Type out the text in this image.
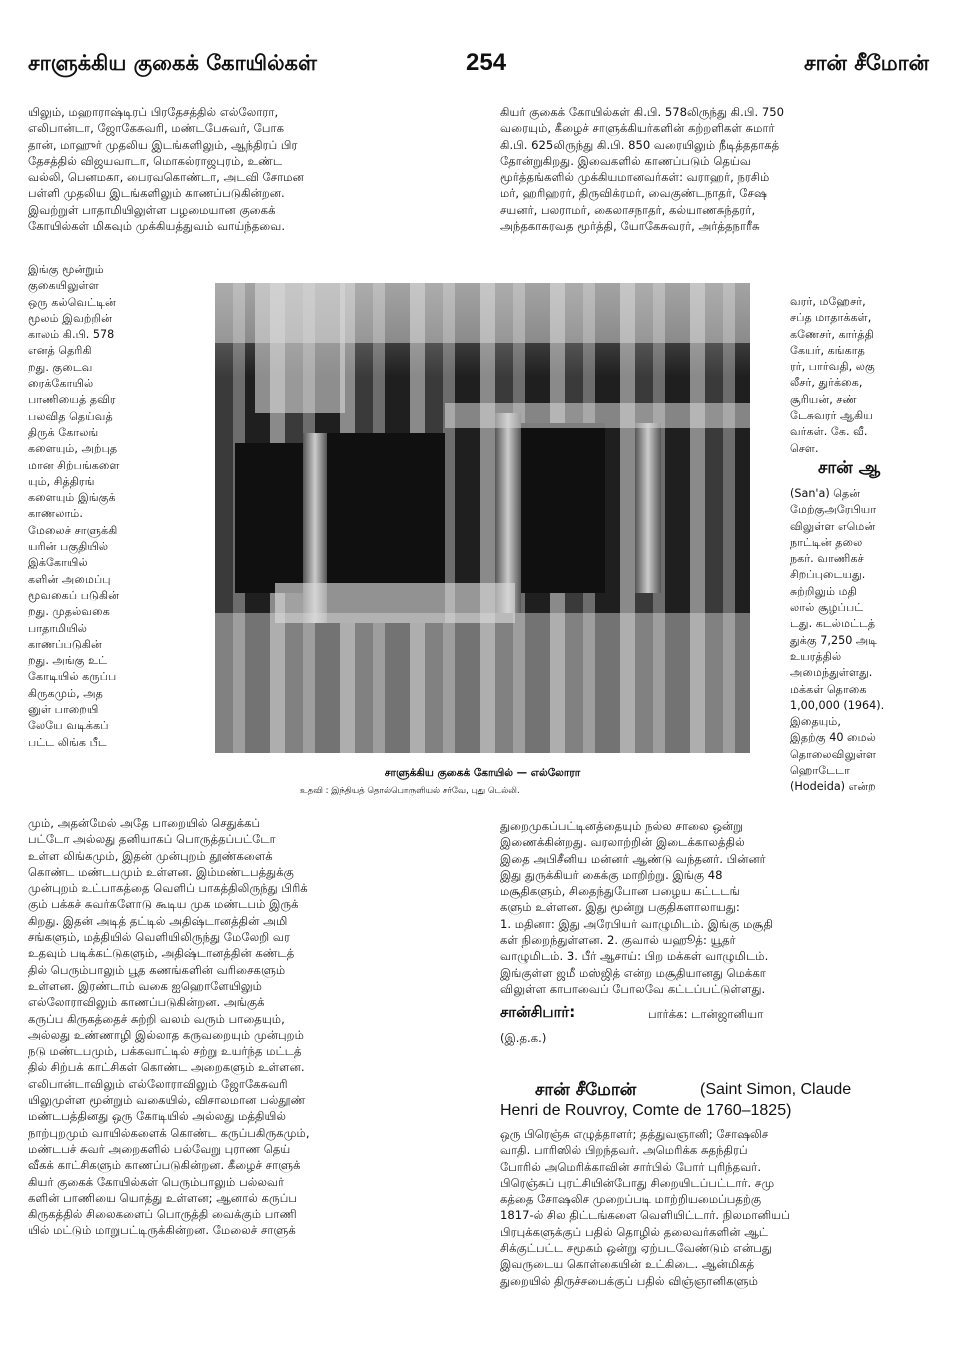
சாளுக்கிய குகைக் கோயில்கள்	254	சான் சீமோன்
யிலும், மஹாராஷ்டிரப் பிரதேசத்தில் எல்லோரா,
எலிபான்டா, ஜோகேசுவரி, மண்டபேசுவர், போக
தான், மாஹுர் முதலிய இடங்களிலும், ஆந்திரப் பிர
தேசத்தில் விஜயவாடா, மொகல்ராஜபுரம், உண்ட
வல்லி, பெனமகா, பைரவகொண்டா, அடவி சோமன
பள்ளி முதலிய இடங்களிலும் காணப்படுகின்றன.
இவற்றுள் பாதாமியிலுள்ள பழமையான குகைக்
கோயில்கள் மிகவும் முக்கியத்துவம் வாய்ந்தவை.
இங்கு மூன்றும்
குகையிலுள்ள
ஒரு கல்வெட்டின்
மூலம் இவற்றின்
காலம் கி.பி. 578
எனத் தெரிகி
றது. குடைவ
ரைக்கோயில்
பாணியைத் தவிர
பலவித தெய்வத்
திருக் கோலங்
களையும், அற்புத
மான சிற்பங்களை
யும், சித்திரங்
களையும் இங்குக்
காணலாம்.
மேலைச் சாளுக்கி
யரின் பகுதியில்
இக்கோயில்
களின் அமைப்பு
மூவகைப் படுகின்
றது. முதல்வகை
பாதாமியில்
காணப்படுகின்
றது. அங்கு உட்
கோடியில் கருப்ப
கிருகமும், அத
னுள் பாறையி
லேயே வடிக்கப்
பட்ட லிங்க பீட
மும், அதன்மேல் அதே பாறையில் செதுக்கப்
பட்டோ அல்லது தனியாகப் பொருத்தப்பட்டோ
உள்ள லிங்கமும், இதன் முன்புறம் தூண்களைக்
கொண்ட மண்டபமும் உள்ளன. இம்மண்டபத்துக்கு
முன்புறம் உட்பாகத்தை வெளிப் பாகத்திலிருந்து பிரிக்
கும் பக்கச் சுவர்களோடு கூடிய முக மண்டபம் இருக்
கிறது. இதன் அடித் தட்டில் அதிஷ்டானத்தின் அமி
சங்களும், மத்தியில் வெளியிலிருந்து மேலேறி வர
உதவும் படிக்கட்டுகளும், அதிஷ்டானத்தின் கண்டத்
தில் பெரும்பாலும் பூத கணங்களின் வரிசைகளும்
உள்ளன. இரண்டாம் வகை ஐஹொளேயிலும்
எல்லோராவிலும் காணப்படுகின்றன. அங்குக்
கருப்ப கிருகத்தைச் சுற்றி வலம் வரும் பாதையும்,
அல்லது உண்ணாழி இல்லாத கருவறையும் முன்புறம்
நடு மண்டபமும், பக்கவாட்டில் சற்று உயர்ந்த மட்டத்
தில் சிற்பக் காட்சிகள் கொண்ட அறைகளும் உள்ளன.
எலிபான்டாவிலும் எல்லோராவிலும் ஜோகேசுவரி
யிலுமுள்ள மூன்றும் வகையில், விசாலமான பல்தூண்
மண்டபத்தினது ஒரு கோடியில் அல்லது மத்தியில்
நாற்புறமும் வாயில்களைக் கொண்ட கருப்பகிருகமும்,
மண்டபச் சுவர் அறைகளில் பல்வேறு புராண தெய்
வீகக் காட்சிகளும் காணப்படுகின்றன. கீழைச் சாளுக்
கியர் குகைக் கோயில்கள் பெரும்பாலும் பல்லவர்
களின் பாணியை யொத்து உள்ளன; ஆனால் கருப்ப
கிருகத்தில் சிலைகளைப் பொருத்தி வைக்கும் பாணி
யில் மட்டும் மாறுபட்டிருக்கின்றன. மேலைச் சாளுக்
கியர் குகைக் கோயில்கள் கி.பி. 578லிருந்து கி.பி. 750
வரையும், கீழைச் சாளுக்கியர்களின் கற்றளிகள் சுமார்
கி.பி. 625லிருந்து கி.பி. 850 வரையிலும் நீடித்ததாகத்
தோன்றுகிறது. இவைகளில் காணப்படும் தெய்வ
மூர்த்தங்களில் முக்கியமானவர்கள்: வராஹர், நரசிம்
மர், ஹரிஹரர், திருவிக்ரமர், வைகுண்டநாதர், சேஷ
சயனர், பலராமர், கைலாசநாதர், கல்யாணசுந்தரர்,
அந்தகாசுரவத மூர்த்தி, யோகேசுவரர், அர்த்தநாரீசு
வரர், மஹேசர்,
சப்த மாதாக்கள்,
கணேசர், கார்த்தி
கேயர், கங்காத
ரர், பார்வதி, லகு
லீசர், துர்க்கை,
சூரியன், சண்
டேசுவரர் ஆகிய
வர்கள். கே. வீ.
செள.
சான் ஆ
(San'a) தென்
மேற்குஅரேபியா
விலுள்ள எமென்
நாட்டின் தலை
நகர். வாணிகச்
சிறப்புடையது.
சுற்றிலும் மதி
லால் சூழப்பட்
டது. கடல்மட்டத்
துக்கு 7,250 அடி
உயரத்தில்
அமைந்துள்ளது.
மக்கள் தொகை
1,00,000 (1964).
இதையும்,
இதற்கு 40 மைல்
தொலைவிலுள்ள
ஹொடேடா
(Hodeida) என்ற
துறைமுகப்பட்டினத்தையும் நல்ல சாலை ஒன்று
இணைக்கின்றது. வரலாற்றின் இடைக்காலத்தில்
இதை அபிசீனிய மன்னர் ஆண்டு வந்தனர். பின்னர்
இது துருக்கியர் கைக்கு மாறிற்று. இங்கு 48
மசூதிகளும், சிதைந்துபோன பழைய கட்டடங்
களும் உள்ளன. இது மூன்று பகுதிகளாலாயது:
1. மதினா: இது அரேபியர் வாழுமிடம். இங்கு மசூதி
கள் நிறைந்துள்ளன. 2. குவால் யஹூத்: யூதர்
வாழுமிடம். 3. பீர் ஆசாய்: பிற மக்கள் வாழுமிடம்.
இங்குள்ள ஜமீ மஸ்ஜித் என்ற மசூதியானது மெக்கா
விலுள்ள காபாவைப் போலவே கட்டப்பட்டுள்ளது.
சான்சிபார்:	பார்க்க: டான்ஜானியா
(இ.த.க.)
சான் சீமோன்	(Saint Simon, Claude
Henri de Rouvroy, Comte de 1760–1825)
ஒரு பிரெஞ்சு எழுத்தாளர்; தத்துவஞானி; சோஷலிச
வாதி. பாரிஸில் பிறந்தவர். அமெரிக்க சுதந்திரப்
போரில் அமெரிக்காவின் சார்பில் போர் புரிந்தவர்.
பிரெஞ்சுப் புரட்சியின்போது சிறையிடப்பட்டார். சமு
கத்தை சோஷலிச முறைப்படி மாற்றியமைப்பதற்கு
1817-ல் சில திட்டங்களை வெளியிட்டார். நிலமானியப்
பிரபுக்களுக்குப் பதில் தொழில் தலைவர்களின் ஆட்
சிக்குட்பட்ட சமூகம் ஒன்று ஏற்படவேண்டும் என்பது
இவருடைய கொள்கையின் உட்கிடை. ஆன்மிகத்
துறையில் திருச்சபைக்குப் பதில் விஞ்ஞானிகளும்
சாளுக்கிய குகைக் கோயில் — எல்லோரா
உதவி : இந்தியத் தொல்பொருளியல் சர்வே, புது டெல்லி.
